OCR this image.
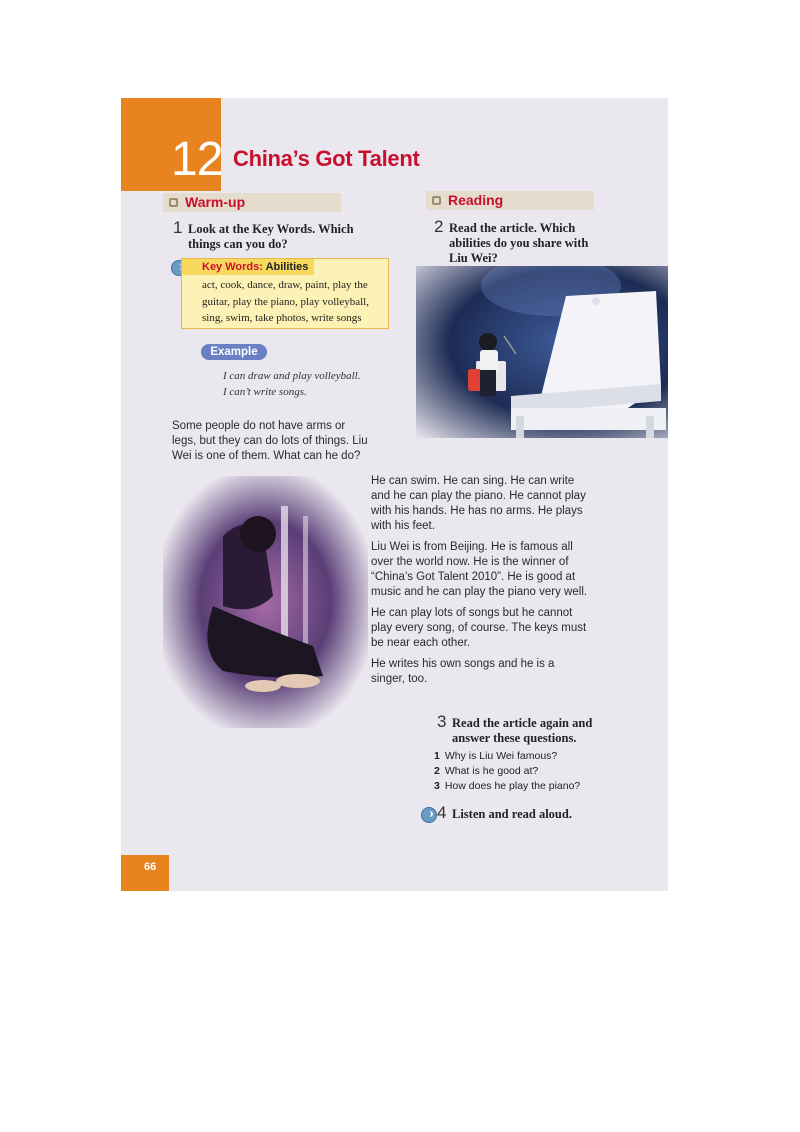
12 China’s Got Talent
Warm-up	Reading
1 Look at the Key Words. Which
things can you do?
Key Words: Abilities
act, cook, dance, draw, paint, play the
guitar, play the piano, play volleyball,
sing, swim, take photos, write songs
Example
I can draw and play volleyball.
I can’t write songs.
2 Read the article. Which
abilities do you share with
Liu Wei?
Some people do not have arms or
legs, but they can do lots of things. Liu
Wei is one of them. What can he do?
He can swim. He can sing. He can write
and he can play the piano. He cannot play
with his hands. He has no arms. He plays
with his feet.
Liu Wei is from Beijing. He is famous all
over the world now. He is the winner of
“China’s Got Talent 2010”. He is good at
music and he can play the piano very well.
He can play lots of songs but he cannot
play every song, of course. The keys must
be near each other.
He writes his own songs and he is a
singer, too.
3 Read the article again and
answer these questions.
1 Why is Liu Wei famous?
2 What is he good at?
3 How does he play the piano?
4 Listen and read aloud.
66
